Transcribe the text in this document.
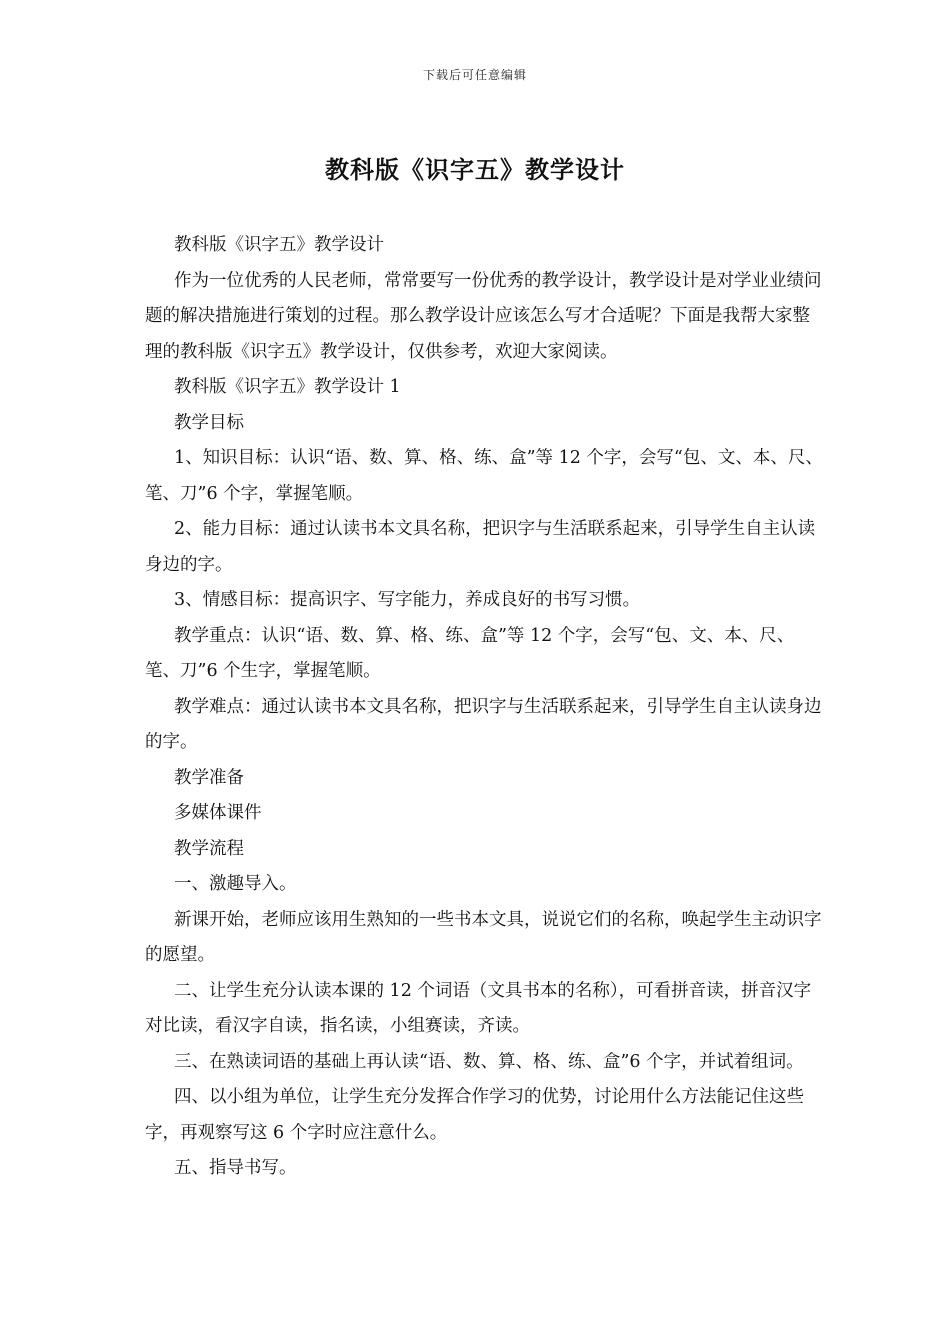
下载后可任意编辑
教科版《识字五》教学设计

教科版《识字五》教学设计

作为一位优秀的人民老师，常常要写一份优秀的教学设计，教学设计是对学业业绩问题的解决措施进行策划的过程。那么教学设计应该怎么写才合适呢？下面是我帮大家整理的教科版《识字五》教学设计，仅供参考，欢迎大家阅读。

教科版《识字五》教学设计 1

教学目标

1、知识目标：认识“语、数、算、格、练、盒”等 12 个字，会写“包、文、本、尺、笔、刀”6 个字，掌握笔顺。

2、能力目标：通过认读书本文具名称，把识字与生活联系起来，引导学生自主认读身边的字。

3、情感目标：提高识字、写字能力，养成良好的书写习惯。

教学重点：认识“语、数、算、格、练、盒”等 12 个字，会写“包、文、本、尺、笔、刀”6 个生字，掌握笔顺。

教学难点：通过认读书本文具名称，把识字与生活联系起来，引导学生自主认读身边的字。

教学准备

多媒体课件

教学流程

一、激趣导入。

新课开始，老师应该用生熟知的一些书本文具，说说它们的名称，唤起学生主动识字的愿望。

二、让学生充分认读本课的 12 个词语（文具书本的名称），可看拼音读，拼音汉字对比读，看汉字自读，指名读，小组赛读，齐读。

三、在熟读词语的基础上再认读“语、数、算、格、练、盒”6 个字，并试着组词。

四、以小组为单位，让学生充分发挥合作学习的优势，讨论用什么方法能记住这些字，再观察写这 6 个字时应注意什么。

五、指导书写。
